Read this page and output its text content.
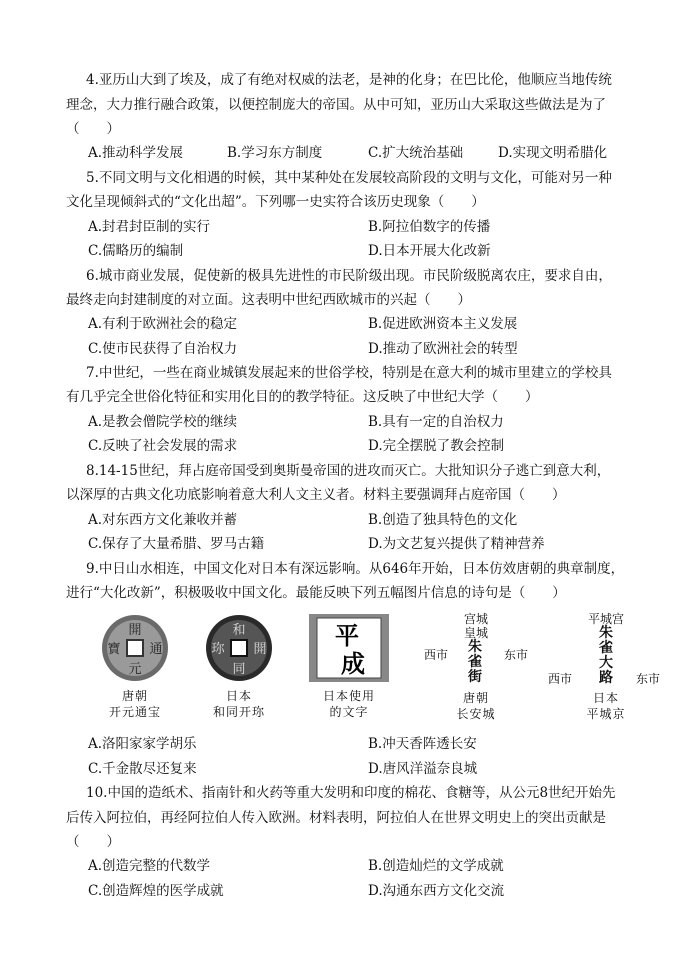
4.亚历山大到了埃及，成了有绝对权威的法老，是神的化身；在巴比伦，他顺应当地传统
理念，大力推行融合政策，以便控制庞大的帝国。从中可知，亚历山大采取这些做法是为了
（　　）
A.推动科学发展	B.学习东方制度	C.扩大统治基础	D.实现文明希腊化
5.不同文明与文化相遇的时候，其中某种处在发展较高阶段的文明与文化，可能对另一种
文化呈现倾斜式的“文化出超”。下列哪一史实符合该历史现象（　　）
A.封君封臣制的实行	B.阿拉伯数字的传播
C.儒略历的编制	D.日本开展大化改新
6.城市商业发展，促使新的极具先进性的市民阶级出现。市民阶级脱离农庄，要求自由，
最终走向封建制度的对立面。这表明中世纪西欧城市的兴起（　　）
A.有利于欧洲社会的稳定	B.促进欧洲资本主义发展
C.使市民获得了自治权力	D.推动了欧洲社会的转型
7.中世纪，一些在商业城镇发展起来的世俗学校，特别是在意大利的城市里建立的学校具
有几乎完全世俗化特征和实用化目的的教学特征。这反映了中世纪大学（　　）
A.是教会僧院学校的继续	B.具有一定的自治权力
C.反映了社会发展的需求	D.完全摆脱了教会控制
8.14-15世纪，拜占庭帝国受到奥斯曼帝国的进攻而灭亡。大批知识分子逃亡到意大利，
以深厚的古典文化功底影响着意大利人文主义者。材料主要强调拜占庭帝国（　　）
A.对东西方文化兼收并蓄	B.创造了独具特色的文化
C.保存了大量希腊、罗马古籍	D.为文艺复兴提供了精神营养
9.中日山水相连，中国文化对日本有深远影响。从646年开始，日本仿效唐朝的典章制度，
进行“大化改新”，积极吸收中国文化。最能反映下列五幅图片信息的诗句是（　　）
開
元
通
寶
唐朝
开元通宝
和
同
開
珎
日本
和同开珎
平
成
日本使用
的文字
宫城
皇城
西市	东市
朱
雀
街
唐朝
长安城
平城宫
西市	东市
朱
雀
大
路
日本
平城京
A.洛阳家家学胡乐	B.冲天香阵透长安
C.千金散尽还复来	D.唐风洋溢奈良城
10.中国的造纸术、指南针和火药等重大发明和印度的棉花、食糖等，从公元8世纪开始先
后传入阿拉伯，再经阿拉伯人传入欧洲。材料表明，阿拉伯人在世界文明史上的突出贡献是
（　　）
A.创造完整的代数学	B.创造灿烂的文学成就
C.创造辉煌的医学成就	D.沟通东西方文化交流
